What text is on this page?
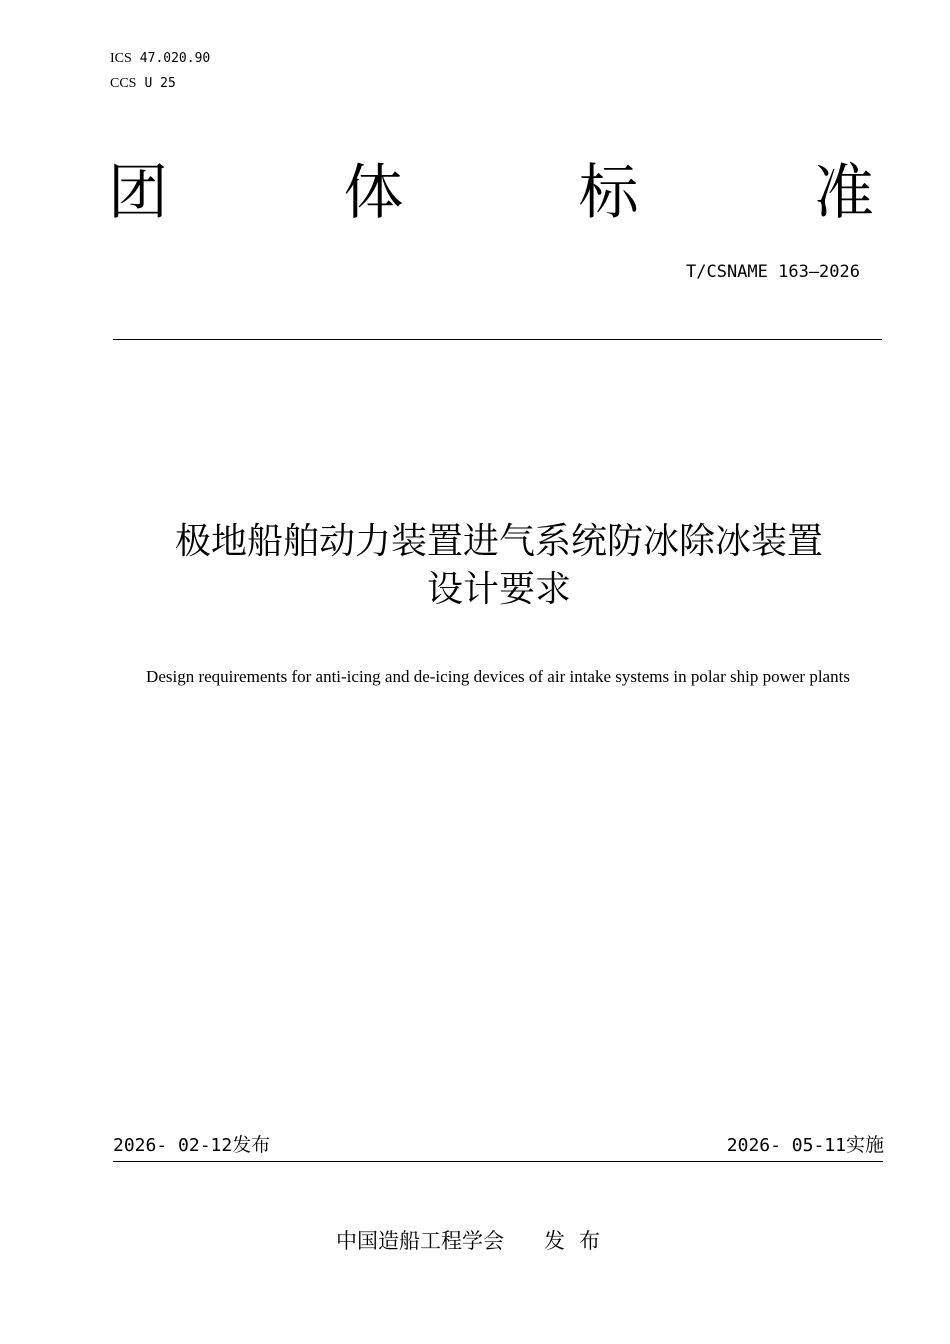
ICS 47.020.90
CCS U 25
团	体	标	准
T/CSNAME 163—2026
极地船舶动力装置进气系统防冰除冰装置
设计要求
Design requirements for anti-icing and de-icing devices of air intake systems in polar ship power plants
2026- 02-12发布	2026- 05-11实施
中国造船工程学会 发布
